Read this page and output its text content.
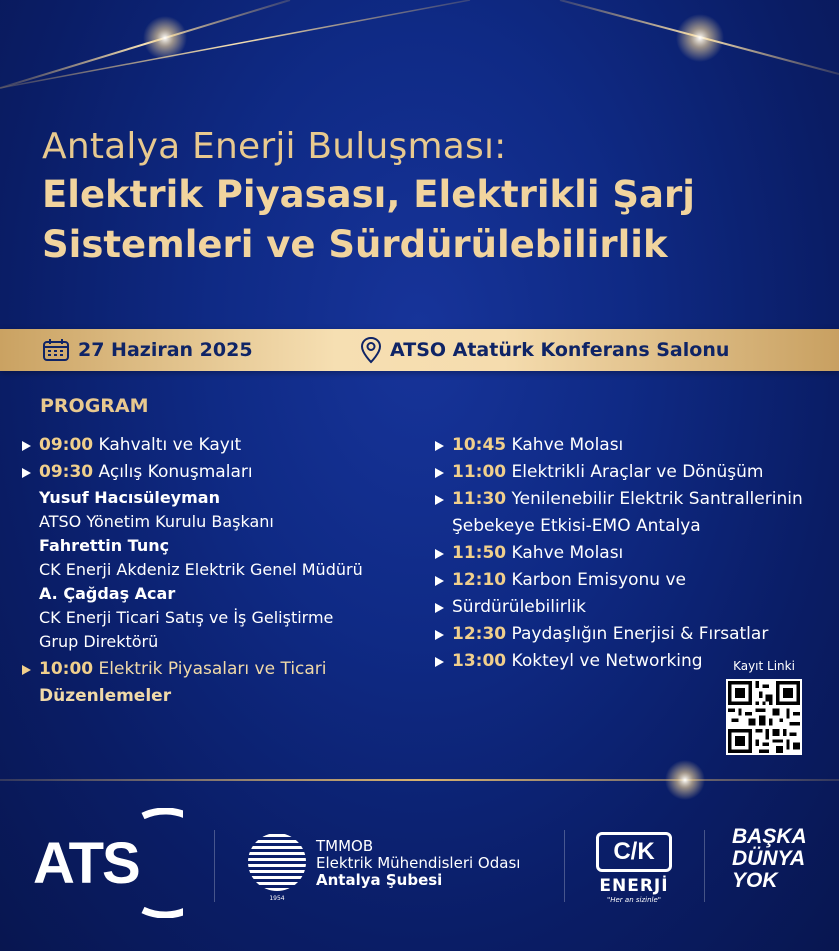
Antalya Enerji Buluşması:

Elektrik Piyasası, Elektrikli Şarj

Sistemleri ve Sürdürülebilirlik

27 Haziran 2025	ATSO Atatürk Konferans Salonu
PROGRAM
09:00 Kahvaltı ve Kayıt
09:30 Açılış Konuşmaları
Yusuf Hacısüleyman
ATSO Yönetim Kurulu Başkanı
Fahrettin Tunç
CK Enerji Akdeniz Elektrik Genel Müdürü
A. Çağdaş Acar
CK Enerji Ticari Satış ve İş Geliştirme
Grup Direktörü
10:00 Elektrik Piyasaları ve Ticari
Düzenlemeler
10:45 Kahve Molası
11:00 Elektrikli Araçlar ve Dönüşüm
11:30 Yenilenebilir Elektrik Santrallerinin
Şebekeye Etkisi-EMO Antalya
11:50 Kahve Molası
12:10 Karbon Emisyonu ve
Sürdürülebilirlik
12:30 Paydaşlığın Enerjisi & Fırsatlar
13:00 Kokteyl ve Networking	Kayıt Linki
ATS
1954
TMMOB
Elektrik Mühendisleri Odası
Antalya Şubesi
C/K
ENERJİ
"Her an sizinle"
BAŞKA
DÜNYA
YOK
